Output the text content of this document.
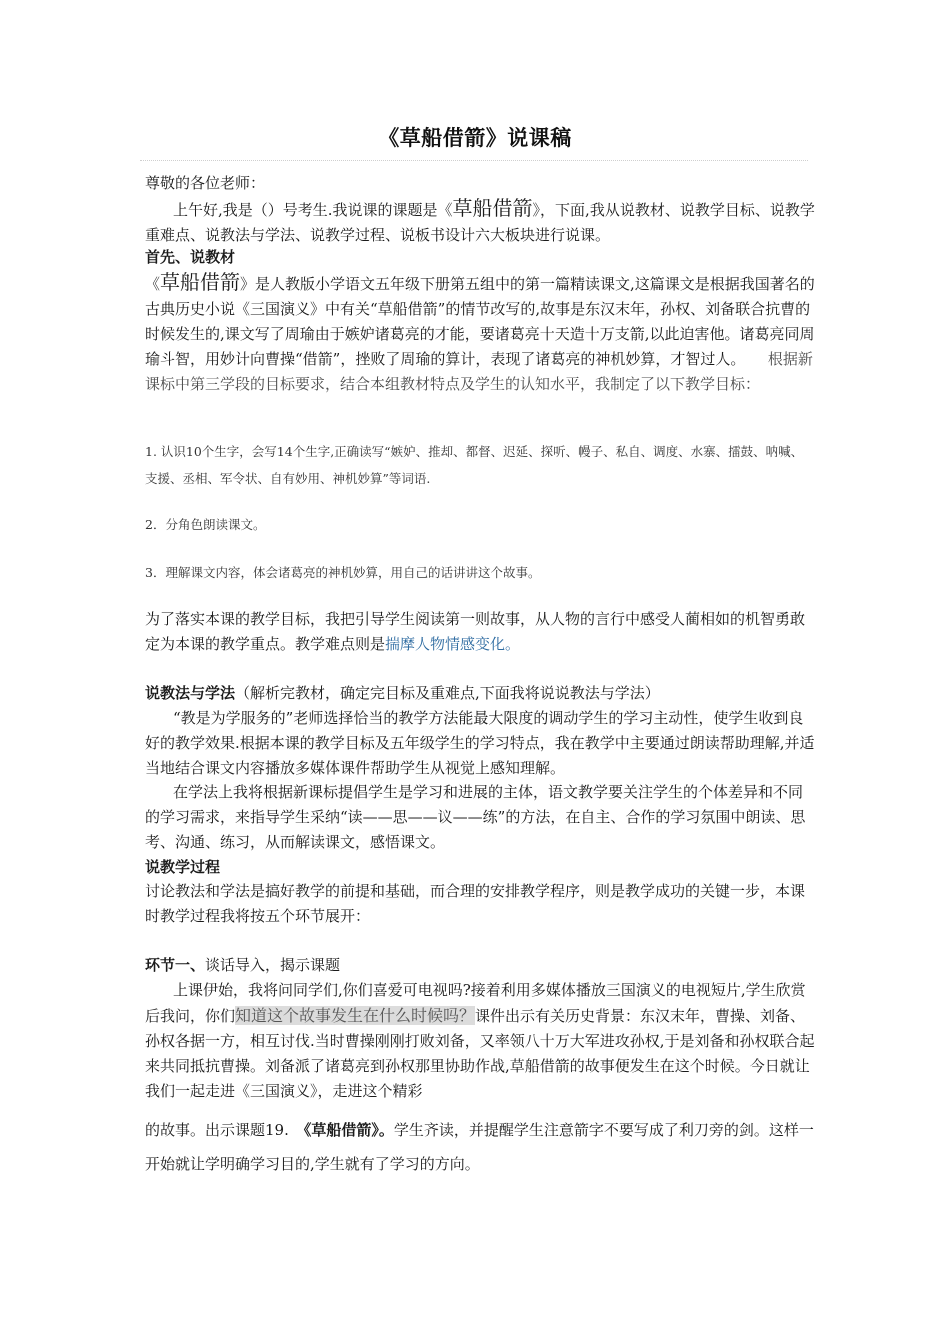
《草船借箭》说课稿
尊敬的各位老师：

上午好,我是（）号考生.我说课的课题是《草船借箭》，下面,我从说教材、说教学目标、说教学重难点、说教法与学法、说教学过程、说板书设计六大板块进行说课。

首先、说教材

《草船借箭》是人教版小学语文五年级下册第五组中的第一篇精读课文,这篇课文是根据我国著名的古典历史小说《三国演义》中有关“草船借箭”的情节改写的,故事是东汉末年，孙权、刘备联合抗曹的时候发生的,课文写了周瑜由于嫉妒诸葛亮的才能，要诸葛亮十天造十万支箭,以此迫害他。诸葛亮同周瑜斗智，用妙计向曹操“借箭”，挫败了周瑜的算计，表现了诸葛亮的神机妙算，才智过人。　　 根据新课标中第三学段的目标要求，结合本组教材特点及学生的认知水平，我制定了以下教学目标：

1. 认识10个生字，会写14个生字,正确读写“嫉妒、推却、都督、迟延、探听、幔子、私自、调度、水寨、擂鼓、呐喊、支援、丞相、军令状、自有妙用、神机妙算”等词语.

2．分角色朗读课文。

3．理解课文内容，体会诸葛亮的神机妙算，用自己的话讲讲这个故事。

为了落实本课的教学目标，我把引导学生阅读第一则故事，从人物的言行中感受人蔺相如的机智勇敢定为本课的教学重点。教学难点则是揣摩人物情感变化。

说教法与学法（解析完教材，确定完目标及重难点,下面我将说说教法与学法）

“教是为学服务的”老师选择恰当的教学方法能最大限度的调动学生的学习主动性，使学生收到良好的教学效果.根据本课的教学目标及五年级学生的学习特点，我在教学中主要通过朗读帮助理解,并适当地结合课文内容播放多媒体课件帮助学生从视觉上感知理解。

在学法上我将根据新课标提倡学生是学习和进展的主体，语文教学要关注学生的个体差异和不同的学习需求，来指导学生采纳“读——思——议——练”的方法，在自主、合作的学习氛围中朗读、思考、沟通、练习，从而解读课文，感悟课文。

说教学过程

讨论教法和学法是搞好教学的前提和基础，而合理的安排教学程序，则是教学成功的关键一步，本课时教学过程我将按五个环节展开：

环节一、谈话导入，揭示课题

上课伊始，我将问同学们,你们喜爱可电视吗?接着利用多媒体播放三国演义的电视短片,学生欣赏后我问，你们知道这个故事发生在什么时候吗？课件出示有关历史背景：东汉末年，曹操、刘备、孙权各据一方，相互讨伐.当时曹操刚刚打败刘备，又率领八十万大军进攻孙权,于是刘备和孙权联合起来共同抵抗曹操。刘备派了诸葛亮到孙权那里协助作战,草船借箭的故事便发生在这个时候。今日就让我们一起走进《三国演义》，走进这个精彩

的故事。出示课题19.　《草船借箭》。学生齐读，并提醒学生注意箭字不要写成了利刀旁的剑。这样一开始就让学明确学习目的,学生就有了学习的方向。
